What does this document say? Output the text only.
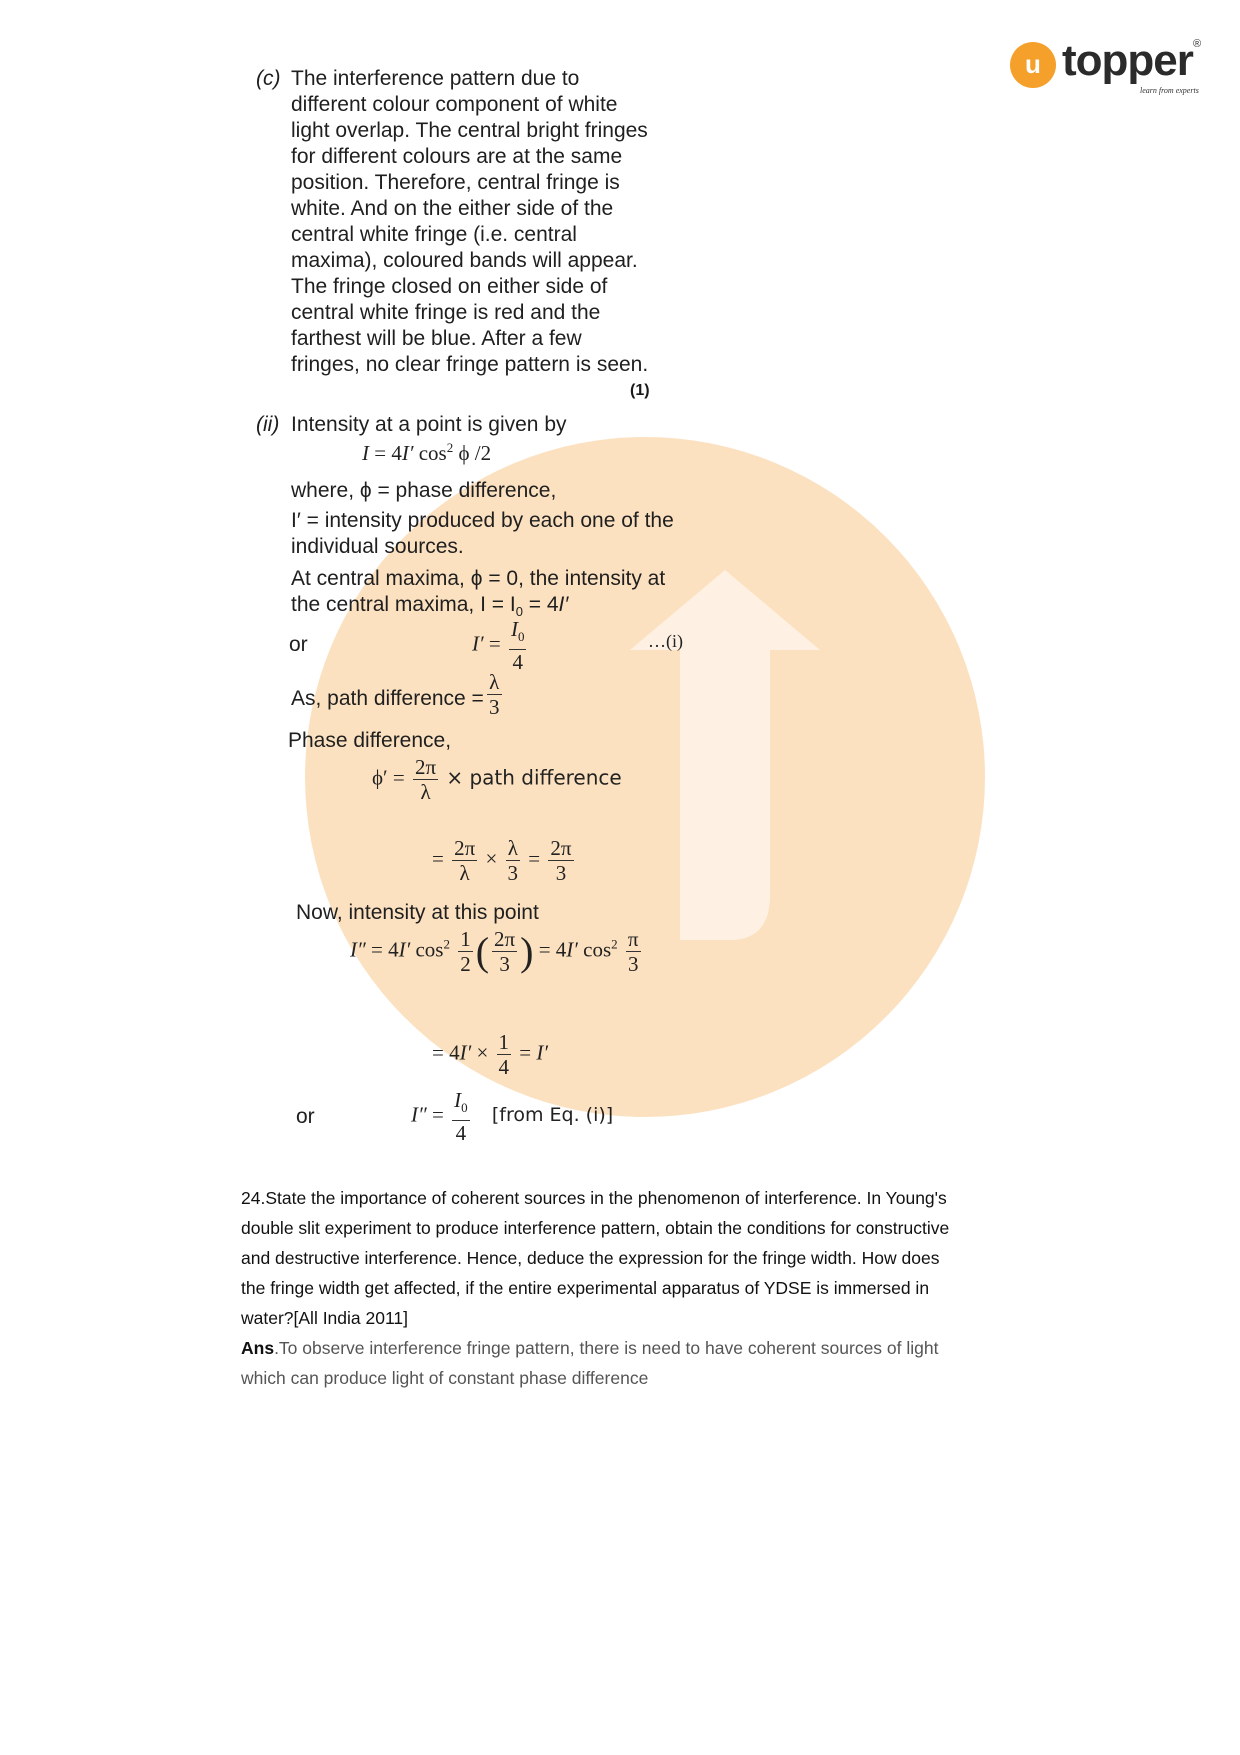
u topper ®
learn from experts
(c) The interference pattern due to
different colour component of white
light overlap. The central bright fringes
for different colours are at the same
position. Therefore, central fringe is
white. And on the either side of the
central white fringe (i.e. central
maxima), coloured bands will appear.
The fringe closed on either side of
central white fringe is red and the
farthest will be blue. After a few
fringes, no clear fringe pattern is seen.
(1)
(ii) Intensity at a point is given by
I = 4I′ $\cos^2 \phi$ /2
where, ϕ = phase difference,
I′ = intensity produced by each one of the
individual sources.
At central maxima, ϕ = 0, the intensity at
the central maxima, $I = I_0 = 4I'$
or	$I' = \frac{I_0}{4}$	…(i)
As, path difference = $\frac{\lambda}{3}$
Phase difference,
$\phi' = \frac{2\pi}{\lambda}$ × path difference
= $\frac{2\pi}{\lambda} \times \frac{\lambda}{3} = \frac{2\pi}{3}$
Now, intensity at this point
I″ = 4I′ $\cos^2 \frac{1}{2}$ ( $\frac{2\pi}{3}$ ) = 4I′ $\cos^2 \frac{\pi}{3}$
= $4I' \times \frac{1}{4} = I'$
or	$I'' = \frac{I_0}{4}$ [from Eq. (i)]
24.State the importance of coherent sources in the phenomenon of interference. In Young's
double slit experiment to produce interference pattern, obtain the conditions for constructive
and destructive interference. Hence, deduce the expression for the fringe width. How does
the fringe width get affected, if the entire experimental apparatus of YDSE is immersed in
water?[All India 2011]
Ans.To observe interference fringe pattern, there is need to have coherent sources of light
which can produce light of constant phase difference
